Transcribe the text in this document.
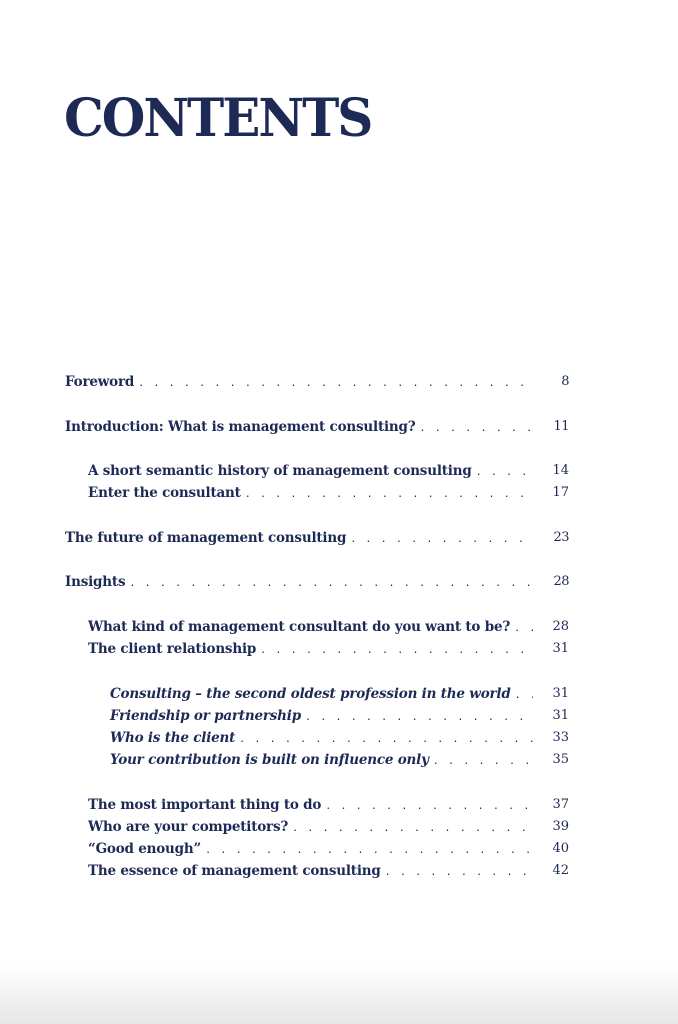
CONTENTS
Foreword . . .	8
Introduction: What is management consulting? . . .	11
A short semantic history of management consulting . . .	14
Enter the consultant . . .	17
The future of management consulting . . .	23
Insights . . .	28
What kind of management consultant do you want to be? . . .	28
The client relationship . . .	31
Consulting – the second oldest profession in the world . . .	31
Friendship or partnership . . .	31
Who is the client . . .	33
Your contribution is built on influence only . . .	35
The most important thing to do . . .	37
Who are your competitors? . . .	39
“Good enough” . . .	40
The essence of management consulting . . .	42
